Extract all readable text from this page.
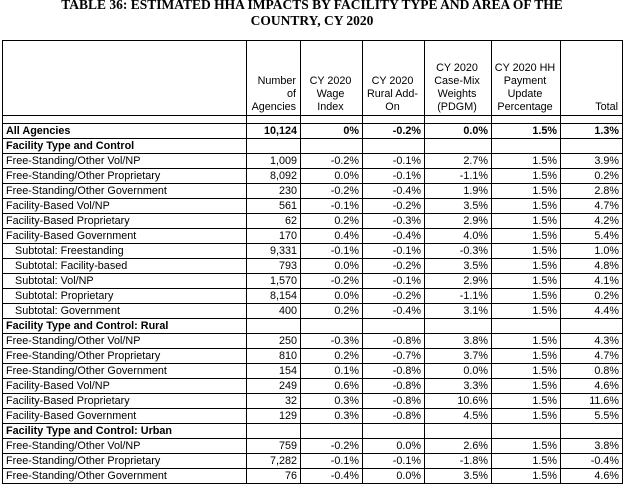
TABLE 36: ESTIMATED HHA IMPACTS BY FACILITY TYPE AND AREA OF THE
COUNTRY, CY 2020
	Number of Agencies	CY 2020 Wage Index	CY 2020 Rural Add-On	CY 2020 Case-Mix Weights (PDGM)	CY 2020 HH Payment Update Percentage	Total

All Agencies	10,124	0%	-0.2%	0.0%	1.5%	1.3%
Facility Type and Control						
Free-Standing/Other Vol/NP	1,009	-0.2%	-0.1%	2.7%	1.5%	3.9%
Free-Standing/Other Proprietary	8,092	0.0%	-0.1%	-1.1%	1.5%	0.2%
Free-Standing/Other Government	230	-0.2%	-0.4%	1.9%	1.5%	2.8%
Facility-Based Vol/NP	561	-0.1%	-0.2%	3.5%	1.5%	4.7%
Facility-Based Proprietary	62	0.2%	-0.3%	2.9%	1.5%	4.2%
Facility-Based Government	170	0.4%	-0.4%	4.0%	1.5%	5.4%
Subtotal: Freestanding	9,331	-0.1%	-0.1%	-0.3%	1.5%	1.0%
Subtotal: Facility-based	793	0.0%	-0.2%	3.5%	1.5%	4.8%
Subtotal: Vol/NP	1,570	-0.2%	-0.1%	2.9%	1.5%	4.1%
Subtotal: Proprietary	8,154	0.0%	-0.2%	-1.1%	1.5%	0.2%
Subtotal: Government	400	0.2%	-0.4%	3.1%	1.5%	4.4%
Facility Type and Control: Rural						
Free-Standing/Other Vol/NP	250	-0.3%	-0.8%	3.8%	1.5%	4.3%
Free-Standing/Other Proprietary	810	0.2%	-0.7%	3.7%	1.5%	4.7%
Free-Standing/Other Government	154	0.1%	-0.8%	0.0%	1.5%	0.8%
Facility-Based Vol/NP	249	0.6%	-0.8%	3.3%	1.5%	4.6%
Facility-Based Proprietary	32	0.3%	-0.8%	10.6%	1.5%	11.6%
Facility-Based Government	129	0.3%	-0.8%	4.5%	1.5%	5.5%
Facility Type and Control: Urban						
Free-Standing/Other Vol/NP	759	-0.2%	0.0%	2.6%	1.5%	3.8%
Free-Standing/Other Proprietary	7,282	-0.1%	-0.1%	-1.8%	1.5%	-0.4%
Free-Standing/Other Government	76	-0.4%	0.0%	3.5%	1.5%	4.6%
